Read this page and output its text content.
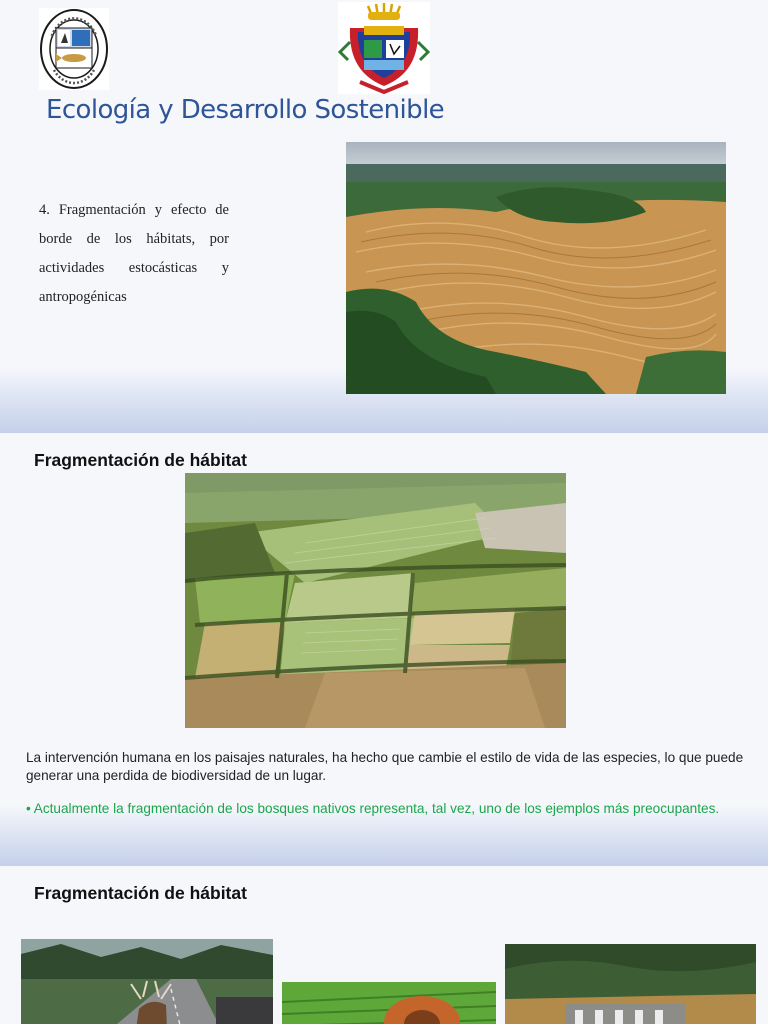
Ecología y Desarrollo Sostenible

4. Fragmentación y efecto de borde de los hábitats, por actividades estocásticas y antropogénicas

Fragmentación de hábitat

La intervención humana en los paisajes naturales, ha hecho que cambie el estilo de vida de las especies, lo que puede generar una perdida de biodiversidad de un lugar.

• Actualmente la fragmentación de los bosques nativos representa, tal vez, uno de los ejemplos más preocupantes.

Fragmentación de hábitat
